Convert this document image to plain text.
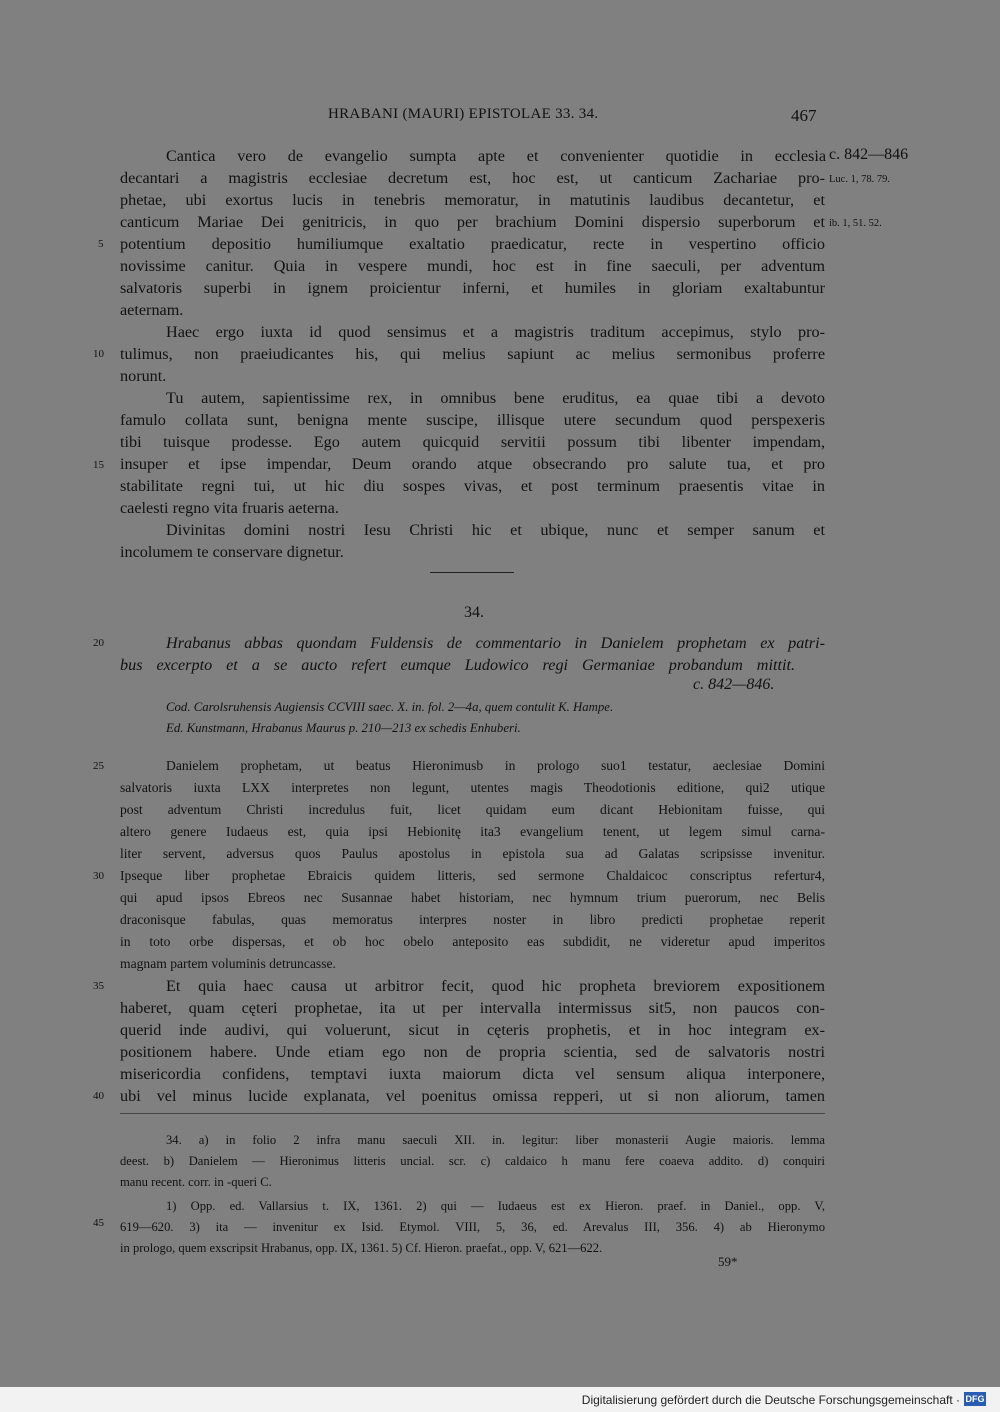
HRABANI (MAURI) EPISTOLAE 33. 34.	467
c. 842—846
Luc. 1, 78. 79.
ib. 1, 51. 52.
5
10
15
20
25
30
35
40
45
Cantica vero de evangelio sumpta apte et convenienter quotidie in ecclesia
decantari a magistris ecclesiae decretum est, hoc est, ut canticum Zachariae pro-
phetae, ubi exortus lucis in tenebris memoratur, in matutinis laudibus decantetur, et
canticum Mariae Dei genitricis, in quo per brachium Domini dispersio superborum et
potentium depositio humiliumque exaltatio praedicatur, recte in vespertino officio
novissime canitur. Quia in vespere mundi, hoc est in fine saeculi, per adventum
salvatoris superbi in ignem proicientur inferni, et humiles in gloriam exaltabuntur
aeternam.
Haec ergo iuxta id quod sensimus et a magistris traditum accepimus, stylo pro-
tulimus, non praeiudicantes his, qui melius sapiunt ac melius sermonibus proferre
norunt.
Tu autem, sapientissime rex, in omnibus bene eruditus, ea quae tibi a devoto
famulo collata sunt, benigna mente suscipe, illisque utere secundum quod perspexeris
tibi tuisque prodesse. Ego autem quicquid servitii possum tibi libenter impendam,
insuper et ipse impendar, Deum orando atque obsecrando pro salute tua, et pro
stabilitate regni tui, ut hic diu sospes vivas, et post terminum praesentis vitae in
caelesti regno vita fruaris aeterna.
Divinitas domini nostri Iesu Christi hic et ubique, nunc et semper sanum et
incolumem te conservare dignetur.
34.
Hrabanus abbas quondam Fuldensis de commentario in Danielem prophetam ex patri-
bus excerpto et a se aucto refert eumque Ludowico regi Germaniae probandum mittit.
c. 842—846.
Cod. Carolsruhensis Augiensis CCVIII saec. X. in. fol. 2—4a, quem contulit K. Hampe.
Ed. Kunstmann, Hrabanus Maurus p. 210—213 ex schedis Enhuberi.
Danielem prophetam, ut beatus Hieronimusb in prologo suo1 testatur, aeclesiae Domini
salvatoris iuxta LXX interpretes non legunt, utentes magis Theodotionis editione, qui2 utique
post adventum Christi incredulus fuit, licet quidam eum dicant Hebionitam fuisse, qui
altero genere Iudaeus est, quia ipsi Hebionitę ita3 evangelium tenent, ut legem simul carna-
liter servent, adversus quos Paulus apostolus in epistola sua ad Galatas scripsisse invenitur.
Ipseque liber prophetae Ebraicis quidem litteris, sed sermone Chaldaicoc conscriptus refertur4,
qui apud ipsos Ebreos nec Susannae habet historiam, nec hymnum trium puerorum, nec Belis
draconisque fabulas, quas memoratus interpres noster in libro predicti prophetae reperit
in toto orbe dispersas, et ob hoc obelo anteposito eas subdidit, ne videretur apud imperitos
magnam partem voluminis detruncasse.
Et quia haec causa ut arbitror fecit, quod hic propheta breviorem expositionem
haberet, quam cęteri prophetae, ita ut per intervalla intermissus sit5, non paucos con-
querid inde audivi, qui voluerunt, sicut in cęteris prophetis, et in hoc integram ex-
positionem habere. Unde etiam ego non de propria scientia, sed de salvatoris nostri
misericordia confidens, temptavi iuxta maiorum dicta vel sensum aliqua interponere,
ubi vel minus lucide explanata, vel poenitus omissa repperi, ut si non aliorum, tamen
34. a) in folio 2 infra manu saeculi XII. in. legitur: liber monasterii Augie maioris. lemma
deest. b) Danielem — Hieronimus litteris uncial. scr. c) caldaico h manu fere coaeva addito. d) conquiri
manu recent. corr. in -queri C.
1) Opp. ed. Vallarsius t. IX, 1361. 2) qui — Iudaeus est ex Hieron. praef. in Daniel., opp. V,
619—620. 3) ita — invenitur ex Isid. Etymol. VIII, 5, 36, ed. Arevalus III, 356. 4) ab Hieronymo
in prologo, quem exscripsit Hrabanus, opp. IX, 1361. 5) Cf. Hieron. praefat., opp. V, 621—622.
59*
Digitalisierung gefördert durch die Deutsche Forschungsgemeinschaft · DFG
